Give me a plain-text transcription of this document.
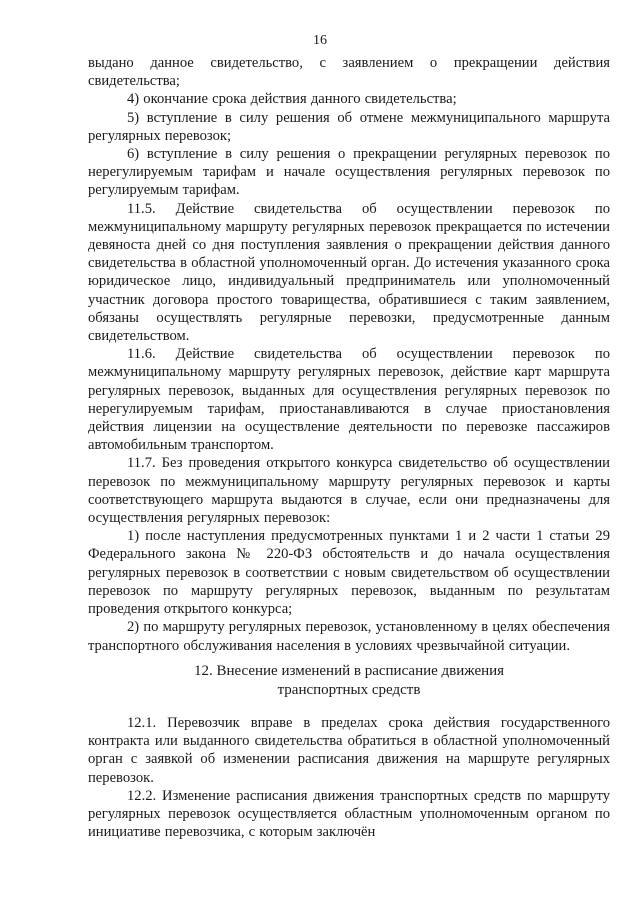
16

выдано данное свидетельство, с заявлением о прекращении действия свидетельства;

4) окончание срока действия данного свидетельства;

5) вступление в силу решения об отмене межмуниципального маршрута регулярных перевозок;

6) вступление в силу решения о прекращении регулярных перевозок по нерегулируемым тарифам и начале осуществления регулярных перевозок по регулируемым тарифам.

11.5. Действие свидетельства об осуществлении перевозок по межмуниципальному маршруту регулярных перевозок прекращается по истечении девяноста дней со дня поступления заявления о прекращении действия данного свидетельства в областной уполномоченный орган. До истечения указанного срока юридическое лицо, индивидуальный предприниматель или уполномоченный участник договора простого товарищества, обратившиеся с таким заявлением, обязаны осуществлять регулярные перевозки, предусмотренные данным свидетельством.

11.6. Действие свидетельства об осуществлении перевозок по межмуниципальному маршруту регулярных перевозок, действие карт маршрута регулярных перевозок, выданных для осуществления регулярных перевозок по нерегулируемым тарифам, приостанавливаются в случае приостановления действия лицензии на осуществление деятельности по перевозке пассажиров автомобильным транспортом.

11.7. Без проведения открытого конкурса свидетельство об осуществлении перевозок по межмуниципальному маршруту регулярных перевозок и карты соответствующего маршрута выдаются в случае, если они предназначены для осуществления регулярных перевозок:

1) после наступления предусмотренных пунктами 1 и 2 части 1 статьи 29 Федерального закона № 220-ФЗ обстоятельств и до начала осуществления регулярных перевозок в соответствии с новым свидетельством об осуществлении перевозок по маршруту регулярных перевозок, выданным по результатам проведения открытого конкурса;

2) по маршруту регулярных перевозок, установленному в целях обеспечения транспортного обслуживания населения в условиях чрезвычайной ситуации.

12. Внесение изменений в расписание движения
транспортных средств

12.1. Перевозчик вправе в пределах срока действия государственного контракта или выданного свидетельства обратиться в областной уполномоченный орган с заявкой об изменении расписания движения на маршруте регулярных перевозок.

12.2. Изменение расписания движения транспортных средств по маршруту регулярных перевозок осуществляется областным уполномоченным органом по инициативе перевозчика, с которым заключён
